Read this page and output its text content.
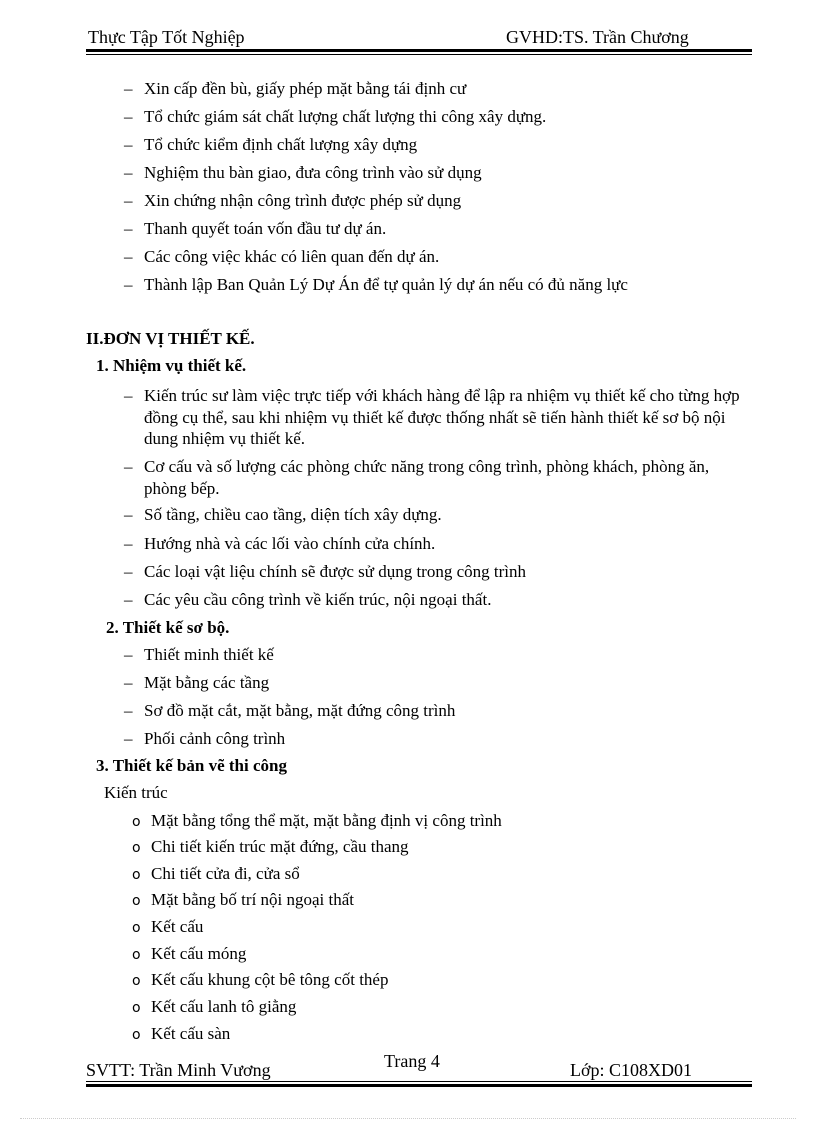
Thực Tập Tốt Nghiệp	GVHD:TS. Trần Chương
– Xin cấp đền bù, giấy phép mặt bằng tái định cư
– Tổ chức giám sát chất lượng chất lượng thi công xây dựng.
– Tổ chức kiểm định chất lượng xây dựng
– Nghiệm thu bàn giao, đưa công trình vào sử dụng
– Xin chứng nhận công trình được phép sử dụng
– Thanh quyết toán vốn đầu tư dự án.
– Các công việc khác có liên quan đến dự án.
– Thành lập Ban Quản Lý Dự Án để tự quản lý dự án nếu có đủ năng lực
II.ĐƠN VỊ THIẾT KẾ.
1. Nhiệm vụ thiết kế.
– Kiến trúc sư làm việc trực tiếp với khách hàng để lập ra nhiệm vụ thiết kế cho từng hợp đồng cụ thể, sau khi nhiệm vụ thiết kế được thống nhất sẽ tiến hành thiết kế sơ bộ nội dung nhiệm vụ thiết kế.
– Cơ cấu và số lượng các phòng chức năng trong công trình, phòng khách, phòng ăn, phòng bếp.
– Số tầng, chiều cao tầng, diện tích xây dựng.
– Hướng nhà và các lối vào chính cửa chính.
– Các loại vật liệu chính sẽ được sử dụng trong công trình
– Các yêu cầu công trình về kiến trúc, nội ngoại thất.
2. Thiết kế sơ bộ.
– Thiết minh thiết kế
– Mặt bằng các tầng
– Sơ đồ mặt cắt, mặt bằng, mặt đứng công trình
– Phối cảnh công trình
3. Thiết kế bản vẽ thi công
Kiến trúc
o Mặt bằng tổng thể mặt, mặt bằng định vị công trình
o Chi tiết kiến trúc mặt đứng, cầu thang
o Chi tiết cửa đi, cửa sổ
o Mặt bằng bố trí nội ngoại thất
o Kết cấu
o Kết cấu móng
o Kết cấu khung cột bê tông cốt thép
o Kết cấu lanh tô giằng
o Kết cấu sàn
SVTT: Trần Minh Vương	Trang 4	Lớp: C108XD01
